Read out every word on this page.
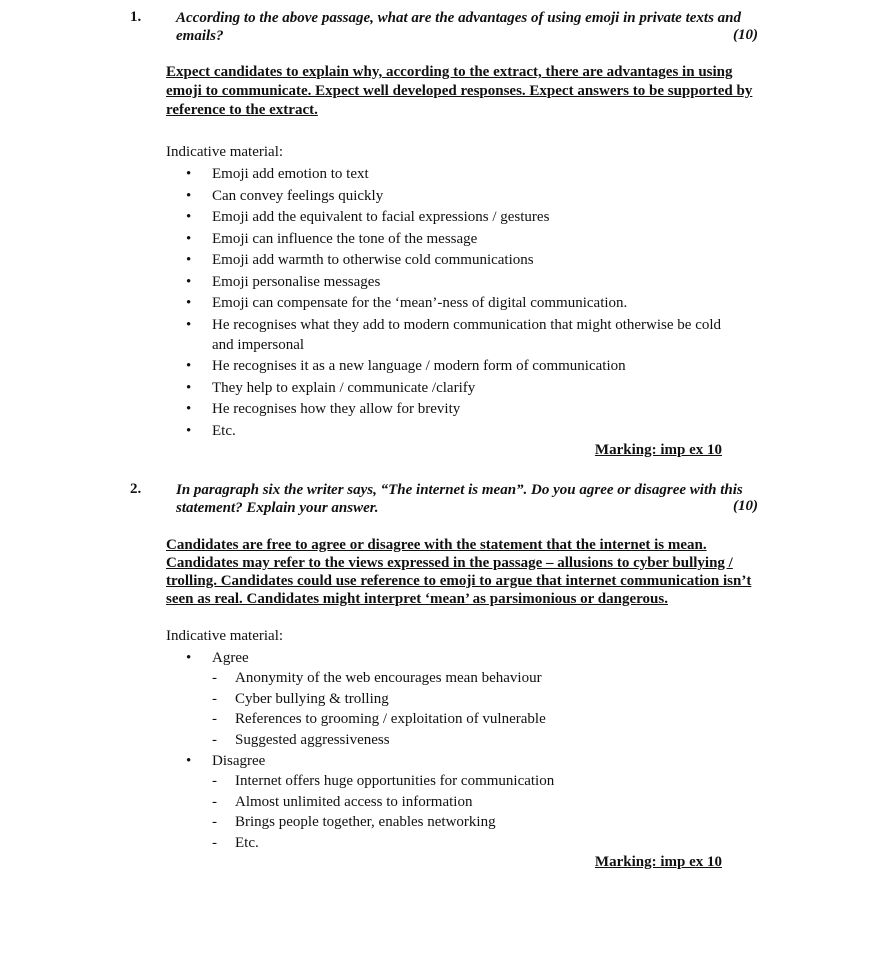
1. According to the above passage, what are the advantages of using emoji in private texts and emails?	(10)
Expect candidates to explain why, according to the extract, there are advantages in using emoji to communicate. Expect well developed responses. Expect answers to be supported by reference to the extract.
Indicative material:
• Emoji add emotion to text
• Can convey feelings quickly
• Emoji add the equivalent to facial expressions / gestures
• Emoji can influence the tone of the message
• Emoji add warmth to otherwise cold communications
• Emoji personalise messages
• Emoji can compensate for the ‘mean’-ness of digital communication.
• He recognises what they add to modern communication that might otherwise be cold and impersonal
• He recognises it as a new language / modern form of communication
• They help to explain / communicate /clarify
• He recognises how they allow for brevity
• Etc.
Marking: imp ex 10
2. In paragraph six the writer says, “The internet is mean”. Do you agree or disagree with this statement? Explain your answer.	(10)
Candidates are free to agree or disagree with the statement that the internet is mean. Candidates may refer to the views expressed in the passage – allusions to cyber bullying / trolling. Candidates could use reference to emoji to argue that internet communication isn’t seen as real. Candidates might interpret ‘mean’ as parsimonious or dangerous.
Indicative material:
• Agree
- Anonymity of the web encourages mean behaviour
- Cyber bullying & trolling
- References to grooming / exploitation of vulnerable
- Suggested aggressiveness
• Disagree
- Internet offers huge opportunities for communication
- Almost unlimited access to information
- Brings people together, enables networking
- Etc.
Marking: imp ex 10
